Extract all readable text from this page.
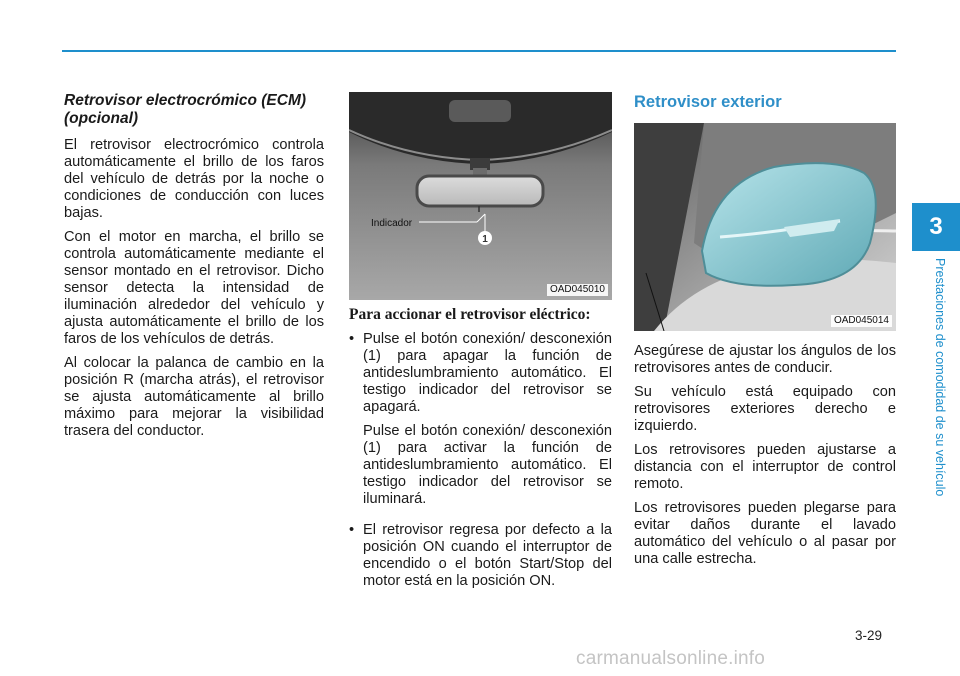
Retrovisor electrocrómico (ECM) (opcional)
El retrovisor electrocrómico controla automáticamente el brillo de los faros del vehículo de detrás por la noche o condiciones de conducción con luces bajas.
Con el motor en marcha, el brillo se controla automáticamente mediante el sensor montado en el retrovisor. Dicho sensor detecta la intensidad de iluminación alrededor del vehículo y ajusta automáticamente el brillo de los faros de los vehículos de detrás.
Al colocar la palanca de cambio en la posición R (marcha atrás), el retrovisor se ajusta automáticamente al brillo máximo para mejorar la visibilidad trasera del conductor.
1
Indicador
OAD045010
Para accionar el retrovisor eléctrico:
• Pulse el botón conexión/ desconexión (1) para apagar la función de antideslumbramiento automático. El testigo indicador del retrovisor se apagará.
Pulse el botón conexión/ desconexión (1) para activar la función de antideslumbramiento automático. El testigo indicador del retrovisor se iluminará.
• El retrovisor regresa por defecto a la posición ON cuando el interruptor de encendido o el botón Start/Stop del motor está en la posición ON.
Retrovisor exterior
OAD045014
Asegúrese de ajustar los ángulos de los retrovisores antes de conducir.
Su vehículo está equipado con retrovisores exteriores derecho e izquierdo.
Los retrovisores pueden ajustarse a distancia con el interruptor de control remoto.
Los retrovisores pueden plegarse para evitar daños durante el lavado automático del vehículo o al pasar por una calle estrecha.
3
Prestaciones de comodidad de su vehículo
3-29
carmanualsonline.info
